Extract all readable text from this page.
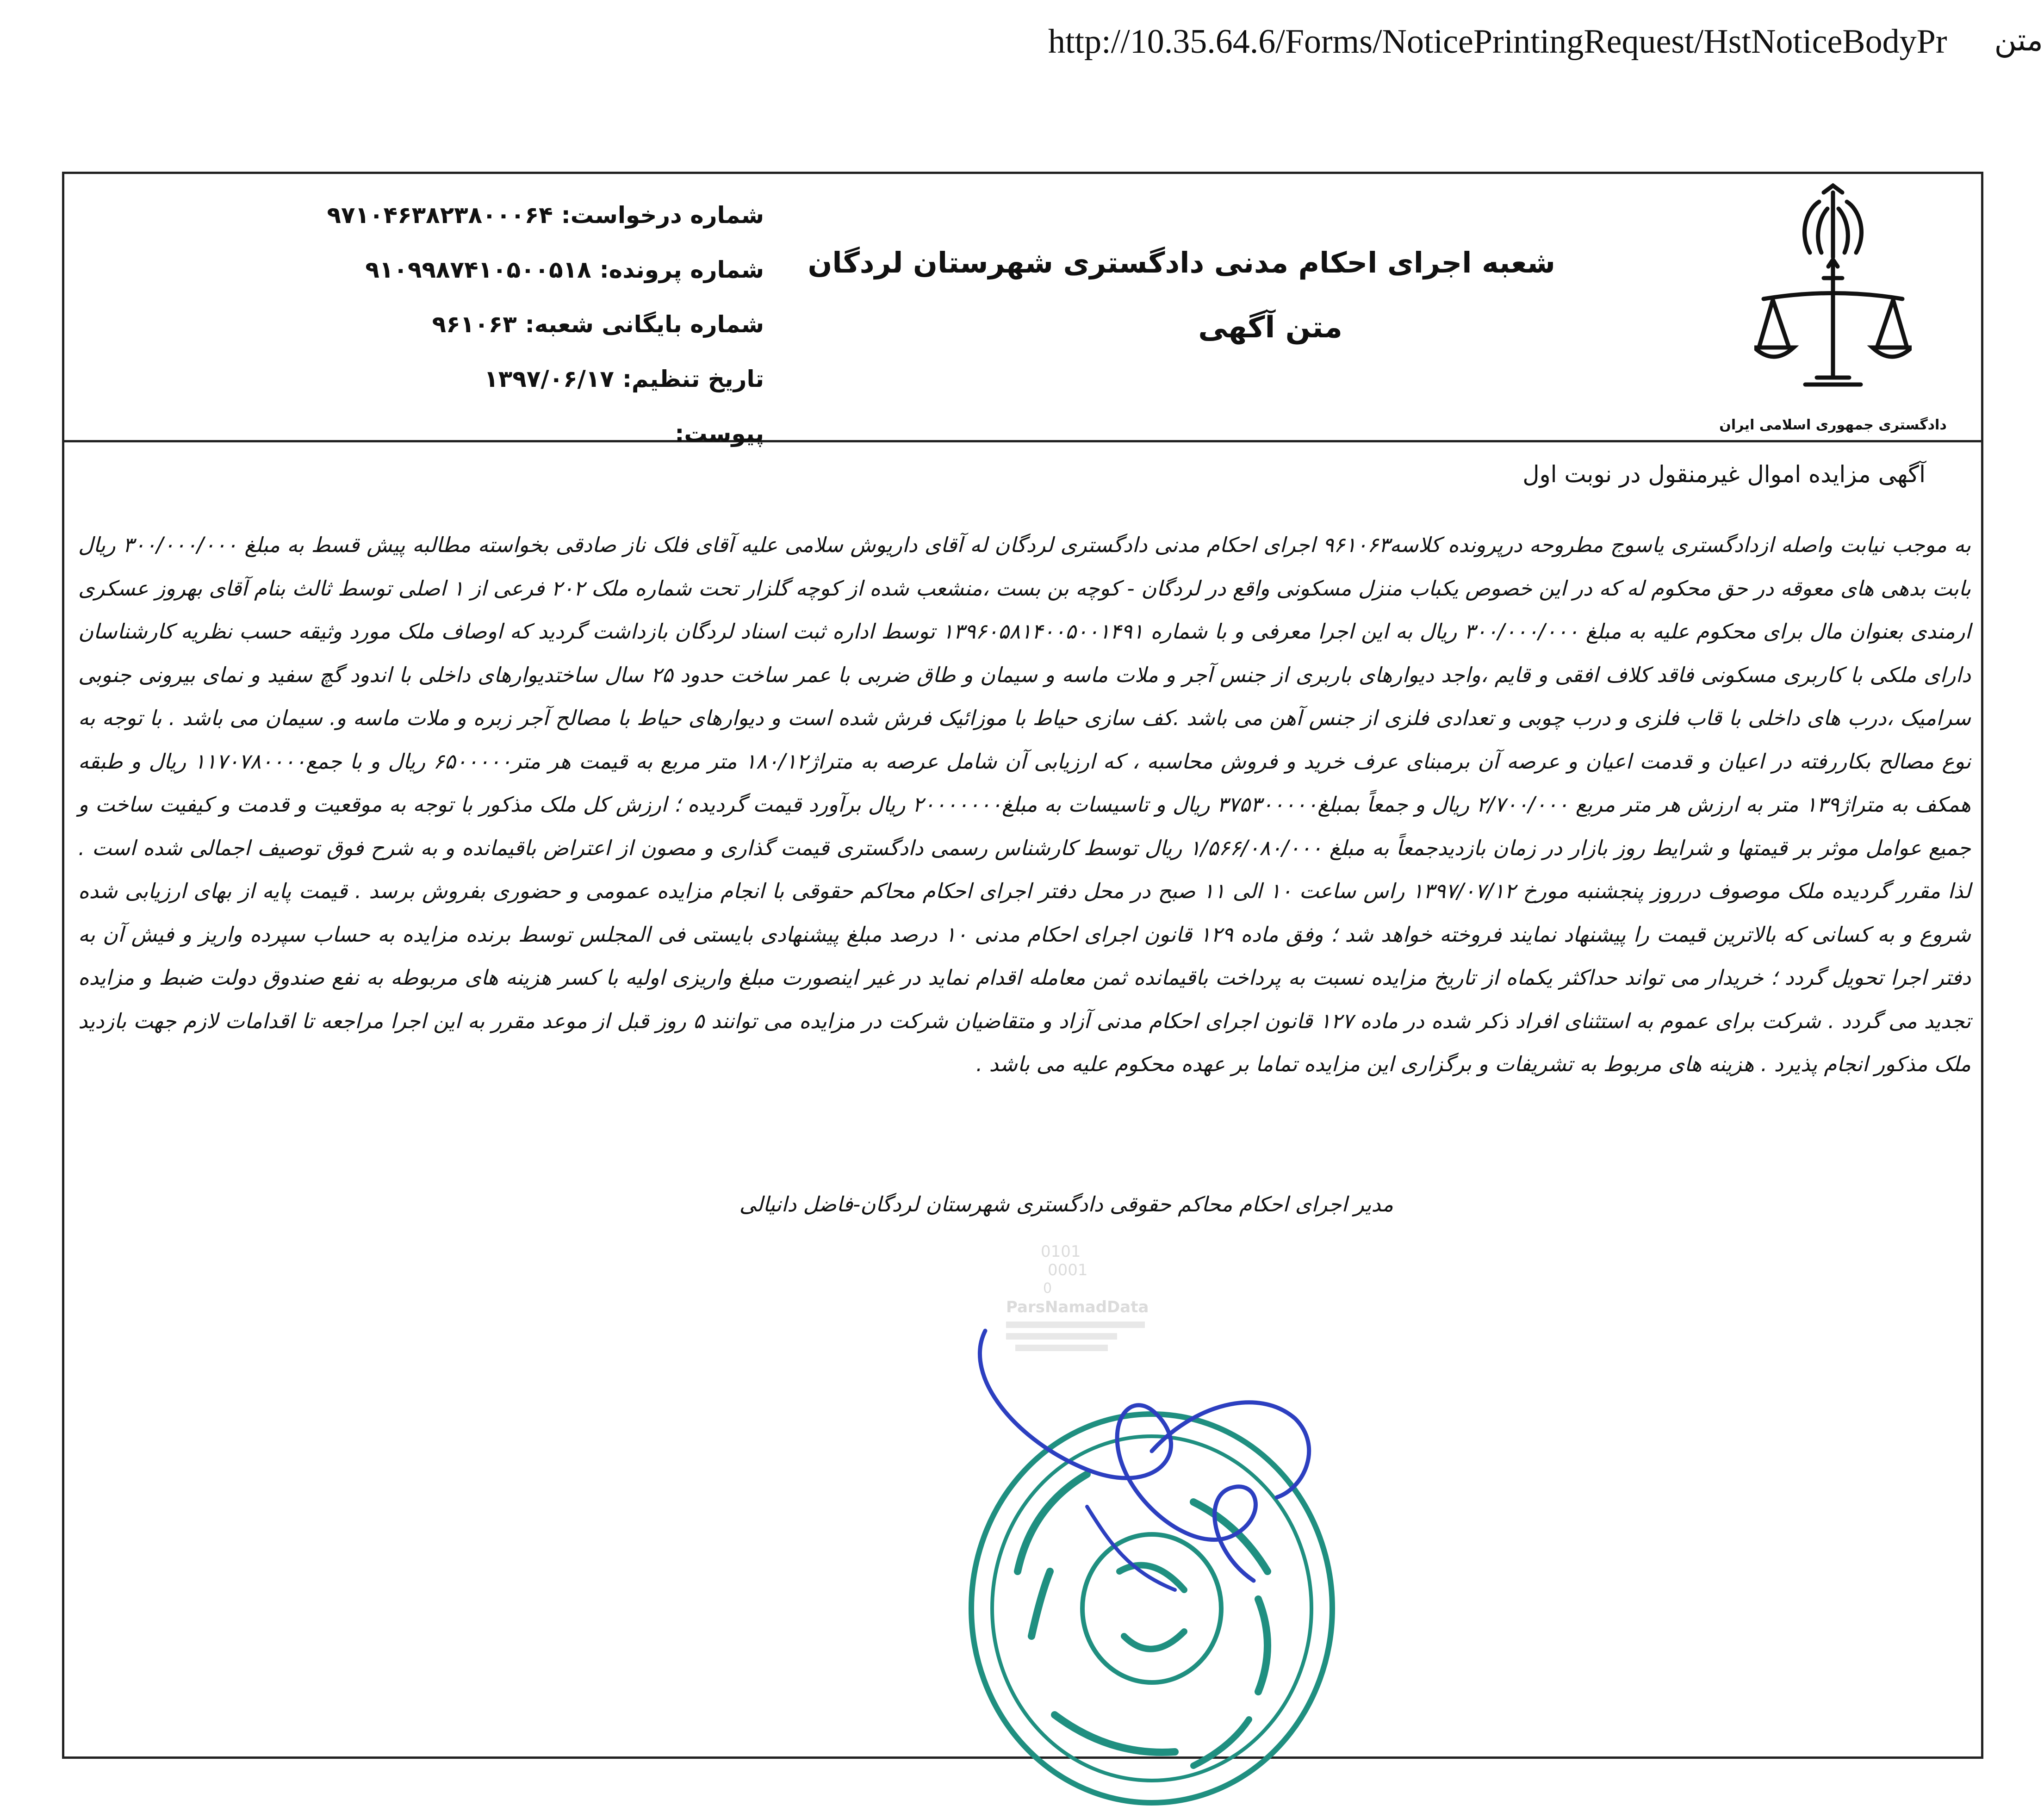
http://10.35.64.6/Forms/NoticePrintingRequest/HstNoticeBodyPr متن
دادگستری جمهوری اسلامی ایران
شعبه اجرای احکام مدنی دادگستری شهرستان لردگان
متن آگهی
شماره درخواست:۹۷۱۰۴۶۳۸۲۳۸۰۰۰۶۴
شماره پرونده:۹۱۰۹۹۸۷۴۱۰۵۰۰۵۱۸
شماره بایگانی شعبه:۹۶۱۰۶۳
تاریخ تنظیم:۱۳۹۷/۰۶/۱۷
پیوست:
آگهی مزایده اموال غیرمنقول در نوبت اول

به موجب نیابت واصله ازدادگستری یاسوج مطروحه درپرونده کلاسه۹۶۱۰۶۳ اجرای احکام مدنی دادگستری لردگان له آقای داریوش سلامی علیه آقای فلک ناز صادقی بخواسته مطالبه پیش قسط به مبلغ ۳۰۰/۰۰۰/۰۰۰ ریال بابت بدهی های معوقه در حق محکوم له که در این خصوص یکباب منزل مسکونی واقع در لردگان - کوچه بن بست ،منشعب شده از کوچه گلزار تحت شماره ملک ۲۰۲ فرعی از ۱ اصلی توسط ثالث بنام آقای بهروز عسکری ارمندی بعنوان مال برای محکوم علیه به مبلغ ۳۰۰/۰۰۰/۰۰۰ ریال به این اجرا معرفی و با شماره ۱۳۹۶۰۵۸۱۴۰۰۵۰۰۱۴۹۱ توسط اداره ثبت اسناد لردگان بازداشت گردید که اوصاف ملک مورد وثیقه حسب نظریه کارشناسان دارای ملکی با کاربری مسکونی فاقد کلاف افقی و قایم ،واجد دیوارهای باربری از جنس آجر و ملات ماسه و سیمان و طاق ضربی با عمر ساخت حدود ۲۵ سال ساختدیوارهای داخلی با اندود گچ سفید و نمای بیرونی جنوبی سرامیک ،درب های داخلی با قاب فلزی و درب چوبی و تعدادی فلزی از جنس آهن می باشد .کف سازی حیاط با موزائیک فرش شده است و دیوارهای حیاط با مصالح آجر زبره و ملات ماسه و. سیمان می باشد . با توجه به نوع مصالح بکاررفته در اعیان و قدمت اعیان و عرصه آن برمبنای عرف خرید و فروش محاسبه ، که ارزیابی آن شامل عرصه به متراژ۱۸۰/۱۲ متر مربع به قیمت هر متر۶۵۰۰۰۰۰ ریال و با جمع۱۱۷۰۷۸۰۰۰۰ ریال و طبقه همکف به متراژ۱۳۹ متر به ارزش هر متر مربع ۲/۷۰۰/۰۰۰ ریال و جمعاً بمبلغ۳۷۵۳۰۰۰۰۰ ریال و تاسیسات به مبلغ۲۰۰۰۰۰۰۰ ریال برآورد قیمت گردیده ؛ ارزش کل ملک مذکور با توجه به موقعیت و قدمت و کیفیت ساخت و جمیع عوامل موثر بر قیمتها و شرایط روز بازار در زمان بازدیدجمعاً به مبلغ ۱/۵۶۶/۰۸۰/۰۰۰ ریال توسط کارشناس رسمی دادگستری قیمت گذاری و مصون از اعتراض باقیمانده و به شرح فوق توصیف اجمالی شده است . لذا مقرر گردیده ملک موصوف درروز پنجشنبه مورخ ۱۳۹۷/۰۷/۱۲ راس ساعت ۱۰ الی ۱۱ صبح در محل دفتر اجرای احکام محاکم حقوقی با انجام مزایده عمومی و حضوری بفروش برسد . قیمت پایه از بهای ارزیابی شده شروع و به کسانی که بالاترین قیمت را پیشنهاد نمایند فروخته خواهد شد ؛ وفق ماده ۱۲۹ قانون اجرای احکام مدنی ۱۰ درصد مبلغ پیشنهادی بایستی فی المجلس توسط برنده مزایده به حساب سپرده واریز و فیش آن به دفتر اجرا تحویل گردد ؛ خریدار می تواند حداکثر یکماه از تاریخ مزایده نسبت به پرداخت باقیمانده ثمن معامله اقدام نماید در غیر اینصورت مبلغ واریزی اولیه با کسر هزینه های مربوطه به نفع صندوق دولت ضبط و مزایده تجدید می گردد . شرکت برای عموم به استثنای افراد ذکر شده در ماده ۱۲۷ قانون اجرای احکام مدنی آزاد و متقاضیان شرکت در مزایده می توانند ۵ روز قبل از موعد مقرر به این اجرا مراجعه تا اقدامات لازم جهت بازدید ملک مذکور انجام پذیرد . هزینه های مربوط به تشریفات و برگزاری این مزایده تماما بر عهده محکوم علیه می باشد .

مدیر اجرای احکام محاکم حقوقی دادگستری شهرستان لردگان-فاضل دانیالی
0101
0001
0
ParsNamadData
